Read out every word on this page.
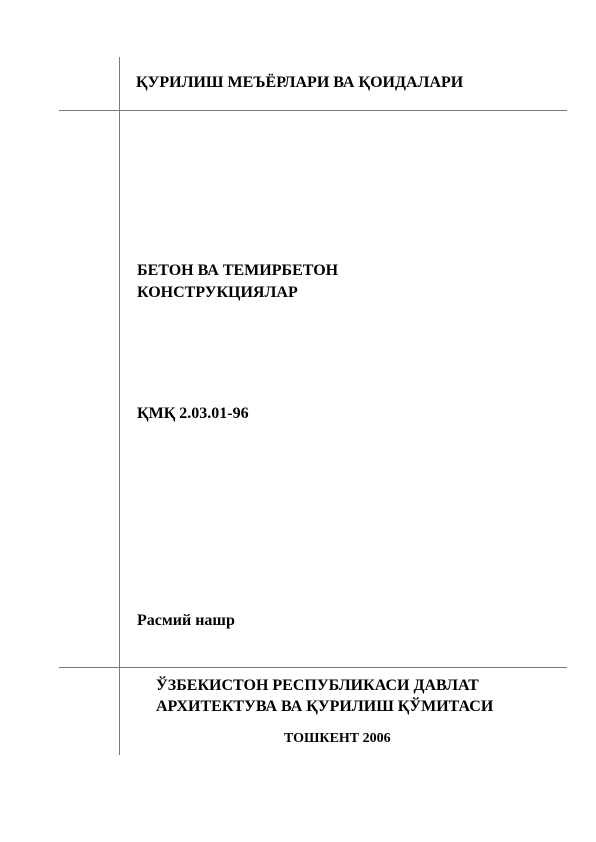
ҚУРИЛИШ МЕЪЁРЛАРИ ВА ҚОИДАЛАРИ
БЕТОН ВА ТЕМИРБЕТОН
КОНСТРУКЦИЯЛАР
ҚМҚ 2.03.01-96
Расмий нашр
ЎЗБЕКИСТОН РЕСПУБЛИКАСИ ДАВЛАТ
АРХИТЕКТУВА ВА ҚУРИЛИШ ҚЎМИТАСИ
ТОШКЕНТ 2006
